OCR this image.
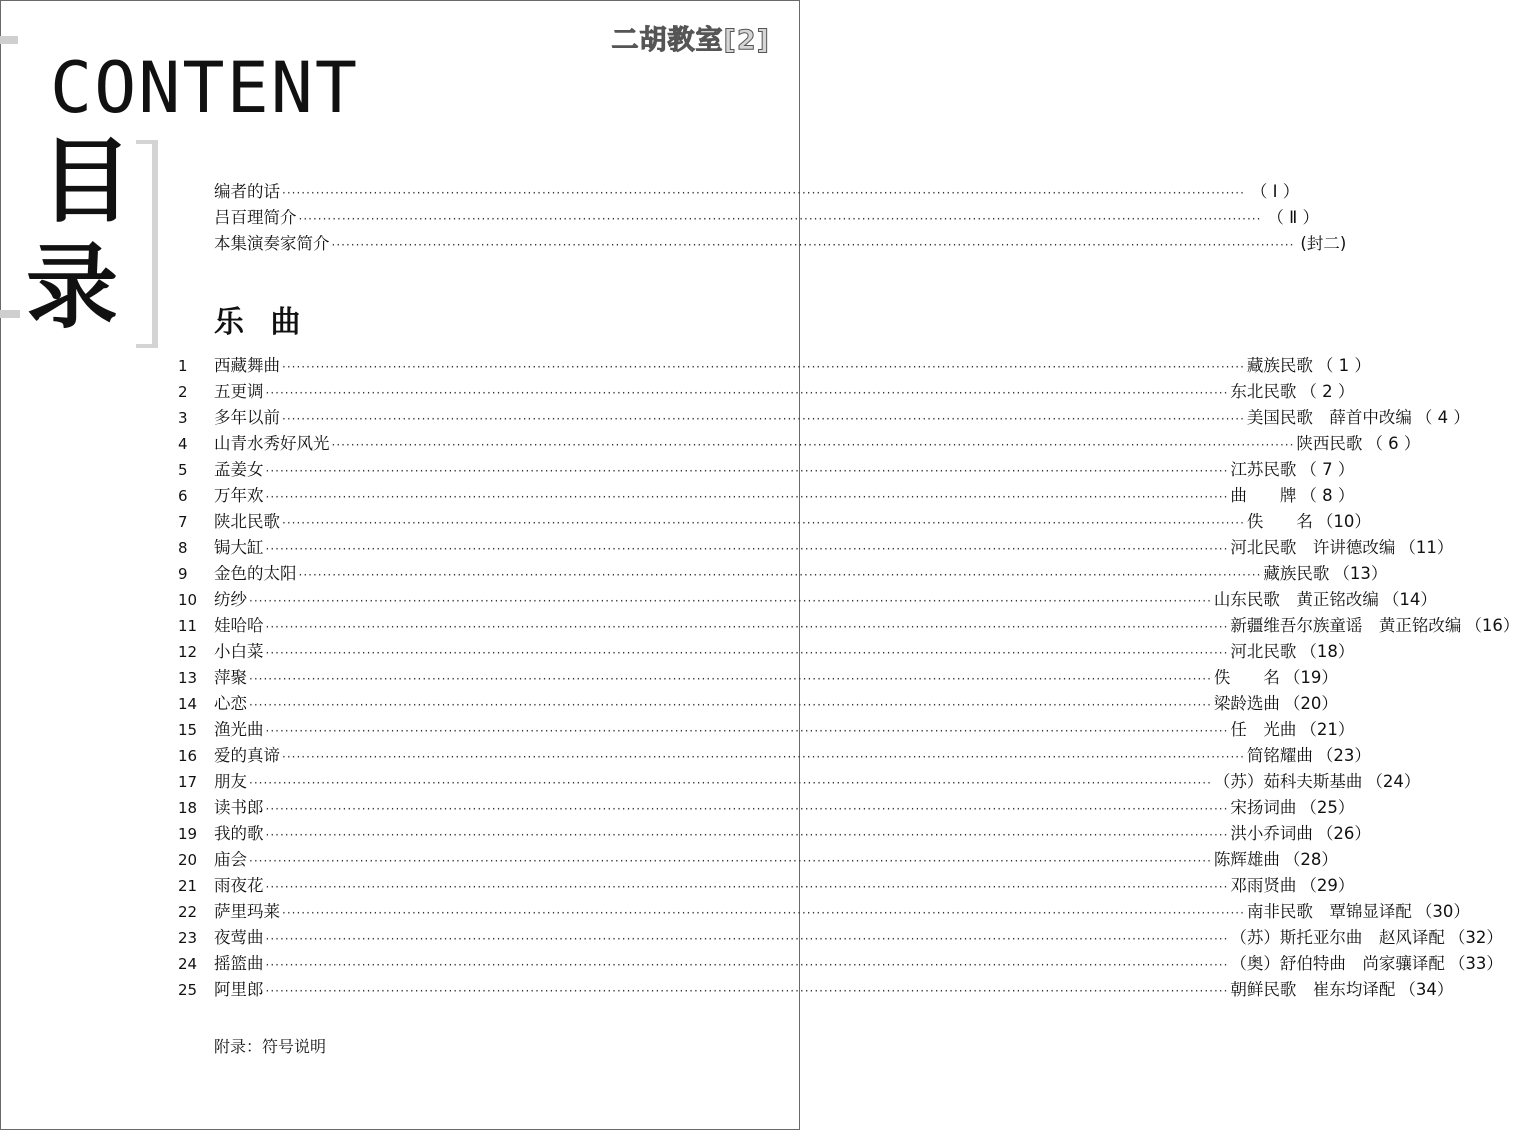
二胡教室[2]
CONTENT
目
录
编者的话 ········································································································································································································ （ Ⅰ ）
吕百理简介 ········································································································································································································ （ Ⅱ ）
本集演奏家简介 ········································································································································································································ (封二)
乐 曲
1	西藏舞曲 ········································································································································································································ 藏族民歌 （ 1 ）
2	五更调 ········································································································································································································ 东北民歌 （ 2 ）
3	多年以前 ········································································································································································································ 美国民歌　薛首中改编 （ 4 ）
4	山青水秀好风光 ········································································································································································································ 陕西民歌 （ 6 ）
5	孟姜女 ········································································································································································································ 江苏民歌 （ 7 ）
6	万年欢 ········································································································································································································ 曲　　牌 （ 8 ）
7	陕北民歌 ········································································································································································································ 佚　　名 （10）
8	锔大缸 ········································································································································································································ 河北民歌　许讲德改编 （11）
9	金色的太阳 ········································································································································································································ 藏族民歌 （13）
10	纺纱 ········································································································································································································ 山东民歌　黄正铭改编 （14）
11	娃哈哈 ········································································································································································································ 新疆维吾尔族童谣　黄正铭改编 （16）
12	小白菜 ········································································································································································································ 河北民歌 （18）
13	萍聚 ········································································································································································································ 佚　　名 （19）
14	心恋 ········································································································································································································ 梁龄选曲 （20）
15	渔光曲 ········································································································································································································ 任　光曲 （21）
16	爱的真谛 ········································································································································································································ 简铭耀曲 （23）
17	朋友 ········································································································································································································ （苏）茹科夫斯基曲 （24）
18	读书郎 ········································································································································································································ 宋扬词曲 （25）
19	我的歌 ········································································································································································································ 洪小乔词曲 （26）
20	庙会 ········································································································································································································ 陈辉雄曲 （28）
21	雨夜花 ········································································································································································································ 邓雨贤曲 （29）
22	萨里玛莱 ········································································································································································································ 南非民歌　覃锦显译配 （30）
23	夜莺曲 ········································································································································································································ （苏）斯托亚尔曲　赵风译配 （32）
24	摇篮曲 ········································································································································································································ （奥）舒伯特曲　尚家骧译配 （33）
25	阿里郎 ········································································································································································································ 朝鲜民歌　崔东均译配 （34）
附录：符号说明
